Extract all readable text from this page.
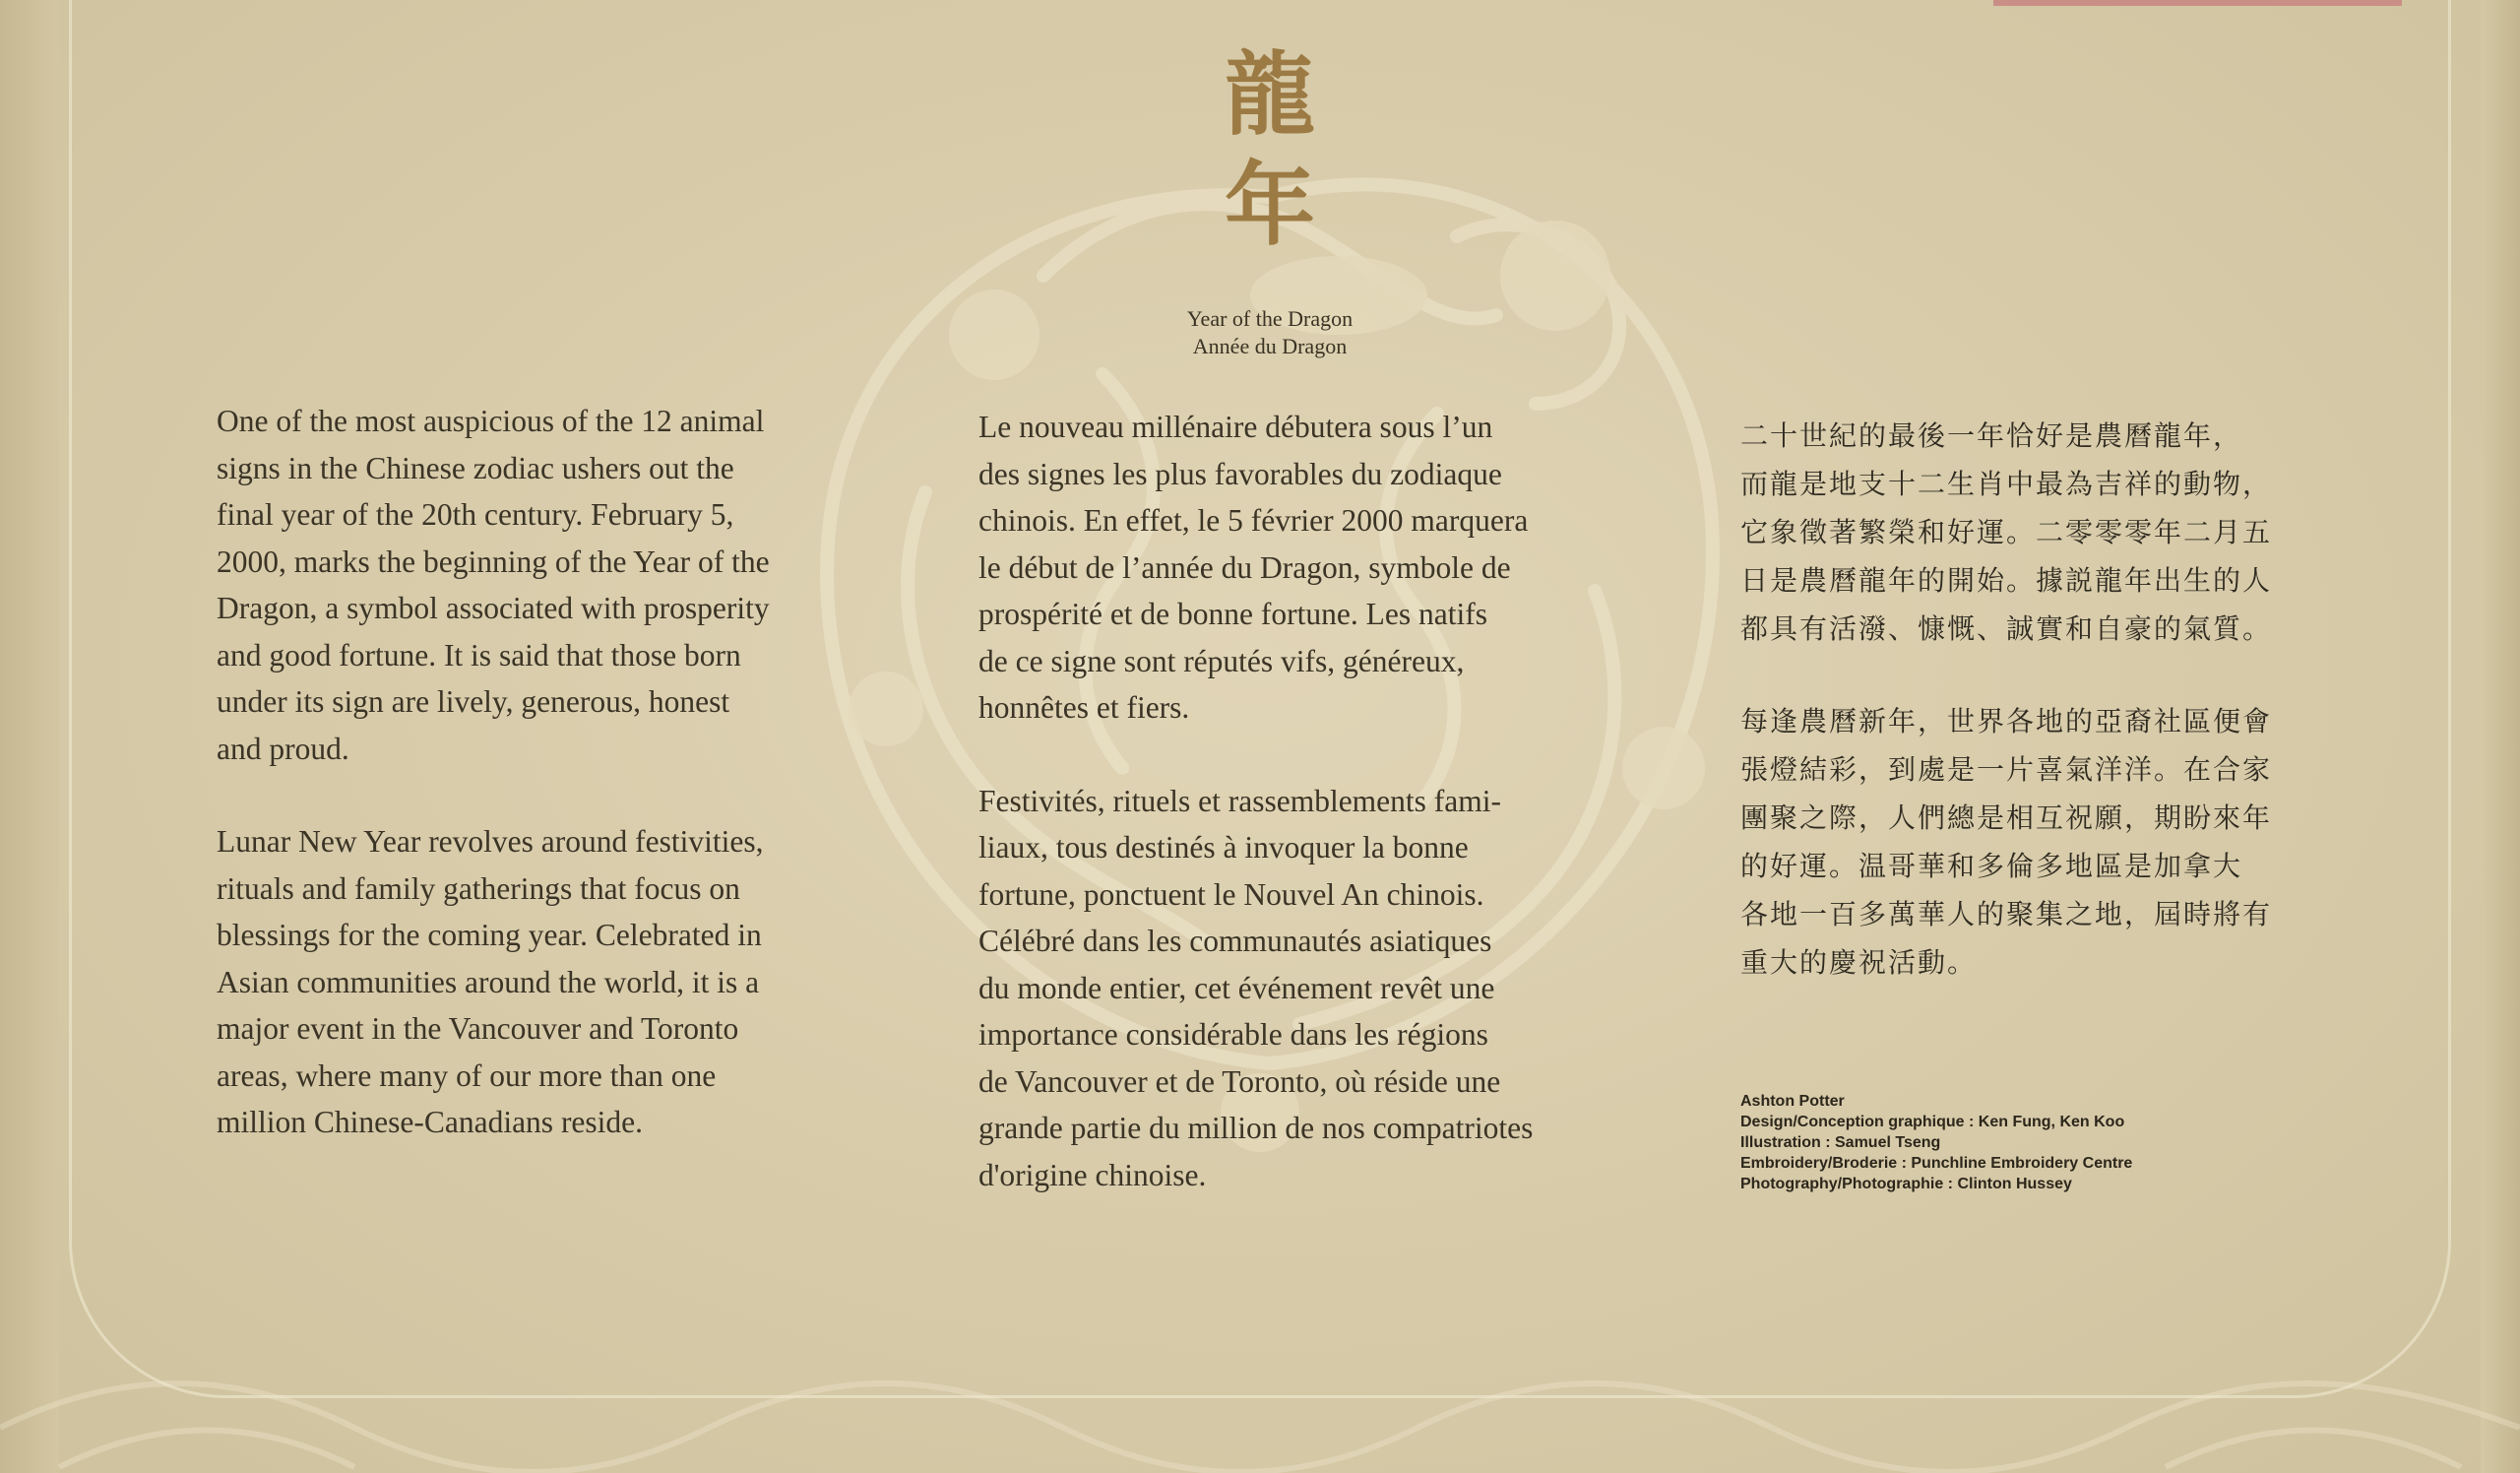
龍年
Year of the Dragon
Année du Dragon

One of the most auspicious of the 12 animal
signs in the Chinese zodiac ushers out the
final year of the 20th century. February 5,
2000, marks the beginning of the Year of the
Dragon, a symbol associated with prosperity
and good fortune. It is said that those born
under its sign are lively, generous, honest
and proud.

Lunar New Year revolves around festivities,
rituals and family gatherings that focus on
blessings for the coming year. Celebrated in
Asian communities around the world, it is a
major event in the Vancouver and Toronto
areas, where many of our more than one
million Chinese-Canadians reside.

Le nouveau millénaire débutera sous l’un
des signes les plus favorables du zodiaque
chinois. En effet, le 5 février 2000 marquera
le début de l’année du Dragon, symbole de
prospérité et de bonne fortune. Les natifs
de ce signe sont réputés vifs, généreux,
honnêtes et fiers.

Festivités, rituels et rassemblements fami-
liaux, tous destinés à invoquer la bonne
fortune, ponctuent le Nouvel An chinois.
Célébré dans les communautés asiatiques
du monde entier, cet événement revêt une
importance considérable dans les régions
de Vancouver et de Toronto, où réside une
grande partie du million de nos compatriotes
d'origine chinoise.

二十世紀的最後一年恰好是農曆龍年，
而龍是地支十二生肖中最為吉祥的動物，
它象徵著繁榮和好運。二零零零年二月五
日是農曆龍年的開始。據説龍年出生的人
都具有活潑、慷慨、誠實和自豪的氣質。

每逢農曆新年，世界各地的亞裔社區便會
張燈結彩，到處是一片喜氣洋洋。在合家
團聚之際，人們總是相互祝願，期盼來年
的好運。温哥華和多倫多地區是加拿大
各地一百多萬華人的聚集之地，屆時將有
重大的慶祝活動。

Ashton Potter
Design/Conception graphique : Ken Fung, Ken Koo
Illustration : Samuel Tseng
Embroidery/Broderie : Punchline Embroidery Centre
Photography/Photographie : Clinton Hussey
